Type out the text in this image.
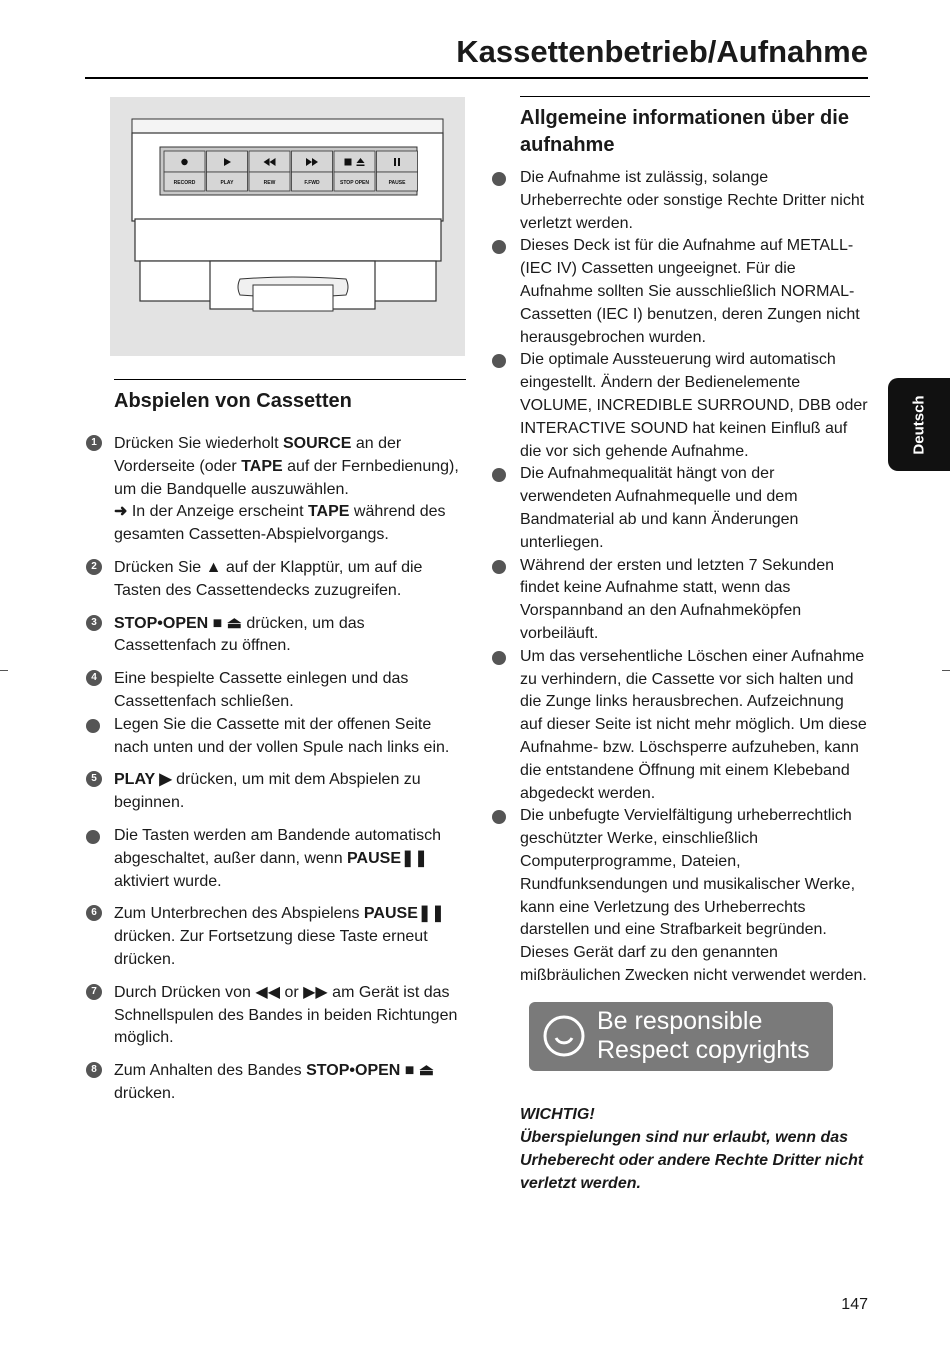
Kassettenbetrieb/Aufnahme
RECORD	PLAY	REW	F.FWD	STOP OPEN	PAUSE
Abspielen von Cassetten
1	Drücken Sie wiederholt SOURCE an der Vorderseite (oder TAPE auf der Fernbedienung), um die Bandquelle auszuwählen.
➜ In der Anzeige erscheint TAPE während des gesamten Cassetten-Abspielvorgangs.
2	Drücken Sie ▲ auf der Klapptür, um auf die Tasten des Cassettendecks zuzugreifen.
3	STOP•OPEN ■ ⏏ drücken, um das Cassettenfach zu öffnen.
4	Eine bespielte Cassette einlegen und das Cassettenfach schließen.
Legen Sie die Cassette mit der offenen Seite nach unten und der vollen Spule nach links ein.
5	PLAY ▶ drücken, um mit dem Abspielen zu beginnen.
Die Tasten werden am Bandende automatisch abgeschaltet, außer dann, wenn PAUSE❚❚ aktiviert wurde.
6	Zum Unterbrechen des Abspielens PAUSE❚❚ drücken. Zur Fortsetzung diese Taste erneut drücken.
7	Durch Drücken von ◀◀ or ▶▶ am Gerät ist das Schnellspulen des Bandes in beiden Richtungen möglich.
8	Zum Anhalten des Bandes STOP•OPEN ■ ⏏ drücken.
Allgemeine informationen über die aufnahme
Die Aufnahme ist zulässig, solange Urheberrechte oder sonstige Rechte Dritter nicht verletzt werden.
Dieses Deck ist für die Aufnahme auf METALL-(IEC IV) Cassetten ungeeignet. Für die Aufnahme sollten Sie ausschließlich NORMAL-Cassetten (IEC I) benutzen, deren Zungen nicht herausgebrochen wurden.
Die optimale Aussteuerung wird automatisch eingestellt. Ändern der Bedienelemente VOLUME, INCREDIBLE SURROUND, DBB oder INTERACTIVE SOUND hat keinen Einfluß auf die vor sich gehende Aufnahme.
Die Aufnahmequalität hängt von der verwendeten Aufnahmequelle und dem Bandmaterial ab und kann Änderungen unterliegen.
Während der ersten und letzten 7 Sekunden findet keine Aufnahme statt, wenn das Vorspannband an den Aufnahmeköpfen vorbeiläuft.
Um das versehentliche Löschen einer Aufnahme zu verhindern, die Cassette vor sich halten und die Zunge links herausbrechen. Aufzeichnung auf dieser Seite ist nicht mehr möglich. Um diese Aufnahme- bzw. Löschsperre aufzuheben, kann die entstandene Öffnung mit einem Klebeband abgedeckt werden.
Die unbefugte Vervielfältigung urheberrechtlich geschützter Werke, einschließlich Computerprogramme, Dateien, Rundfunksendungen und musikalischer Werke, kann eine Verletzung des Urheberrechts darstellen und eine Strafbarkeit begründen. Dieses Gerät darf zu den genannten mißbräulichen Zwecken nicht verwendet werden.
Be responsible
Respect copyrights
WICHTIG!
Überspielungen sind nur erlaubt, wenn das Urheberecht oder andere Rechte Dritter nicht verletzt werden.
Deutsch
147
